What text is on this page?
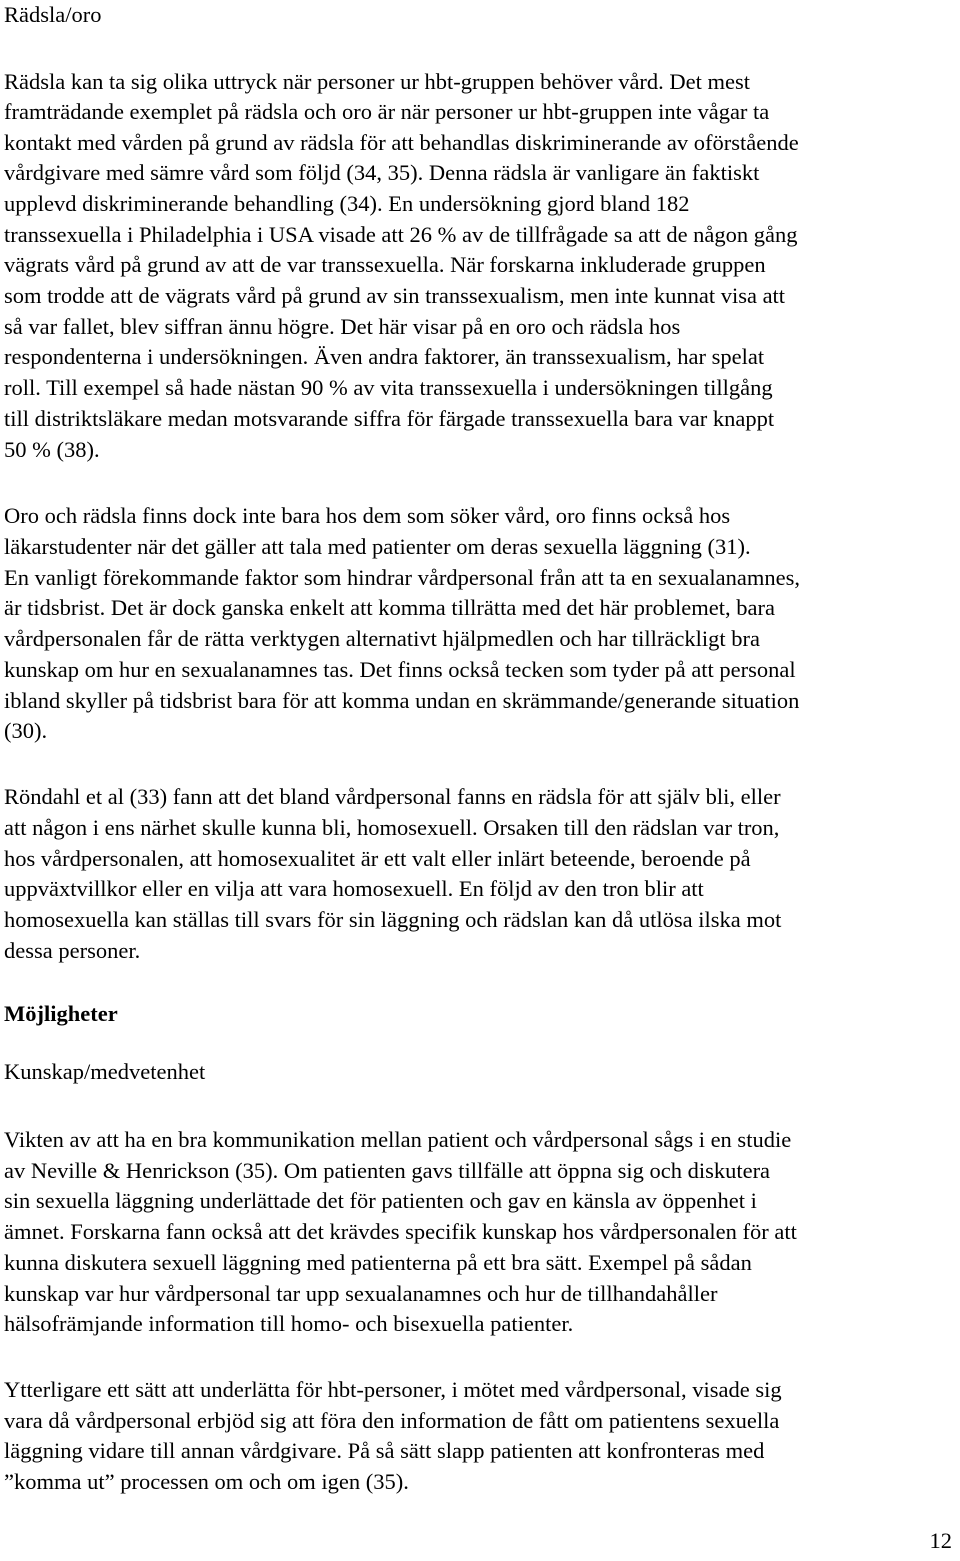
Rädsla/oro
Rädsla kan ta sig olika uttryck när personer ur hbt-gruppen behöver vård. Det mest
framträdande exemplet på rädsla och oro är när personer ur hbt-gruppen inte vågar ta
kontakt med vården på grund av rädsla för att behandlas diskriminerande av oförstående
vårdgivare med sämre vård som följd (34, 35). Denna rädsla är vanligare än faktiskt
upplevd diskriminerande behandling (34). En undersökning gjord bland 182
transsexuella i Philadelphia i USA visade att 26 % av de tillfrågade sa att de någon gång
vägrats vård på grund av att de var transsexuella. När forskarna inkluderade gruppen
som trodde att de vägrats vård på grund av sin transsexualism, men inte kunnat visa att
så var fallet, blev siffran ännu högre. Det här visar på en oro och rädsla hos
respondenterna i undersökningen. Även andra faktorer, än transsexualism, har spelat
roll. Till exempel så hade nästan 90 % av vita transsexuella i undersökningen tillgång
till distriktsläkare medan motsvarande siffra för färgade transsexuella bara var knappt
50 % (38).
Oro och rädsla finns dock inte bara hos dem som söker vård, oro finns också hos
läkarstudenter när det gäller att tala med patienter om deras sexuella läggning (31).
En vanligt förekommande faktor som hindrar vårdpersonal från att ta en sexualanamnes,
är tidsbrist. Det är dock ganska enkelt att komma tillrätta med det här problemet, bara
vårdpersonalen får de rätta verktygen alternativt hjälpmedlen och har tillräckligt bra
kunskap om hur en sexualanamnes tas. Det finns också tecken som tyder på att personal
ibland skyller på tidsbrist bara för att komma undan en skrämmande/generande situation
(30).
Röndahl et al (33) fann att det bland vårdpersonal fanns en rädsla för att själv bli, eller
att någon i ens närhet skulle kunna bli, homosexuell. Orsaken till den rädslan var tron,
hos vårdpersonalen, att homosexualitet är ett valt eller inlärt beteende, beroende på
uppväxtvillkor eller en vilja att vara homosexuell. En följd av den tron blir att
homosexuella kan ställas till svars för sin läggning och rädslan kan då utlösa ilska mot
dessa personer.
Möjligheter
Kunskap/medvetenhet
Vikten av att ha en bra kommunikation mellan patient och vårdpersonal sågs i en studie
av Neville & Henrickson (35). Om patienten gavs tillfälle att öppna sig och diskutera
sin sexuella läggning underlättade det för patienten och gav en känsla av öppenhet i
ämnet. Forskarna fann också att det krävdes specifik kunskap hos vårdpersonalen för att
kunna diskutera sexuell läggning med patienterna på ett bra sätt. Exempel på sådan
kunskap var hur vårdpersonal tar upp sexualanamnes och hur de tillhandahåller
hälsofrämjande information till homo- och bisexuella patienter.
Ytterligare ett sätt att underlätta för hbt-personer, i mötet med vårdpersonal, visade sig
vara då vårdpersonal erbjöd sig att föra den information de fått om patientens sexuella
läggning vidare till annan vårdgivare. På så sätt slapp patienten att konfronteras med
”komma ut” processen om och om igen (35).
12
